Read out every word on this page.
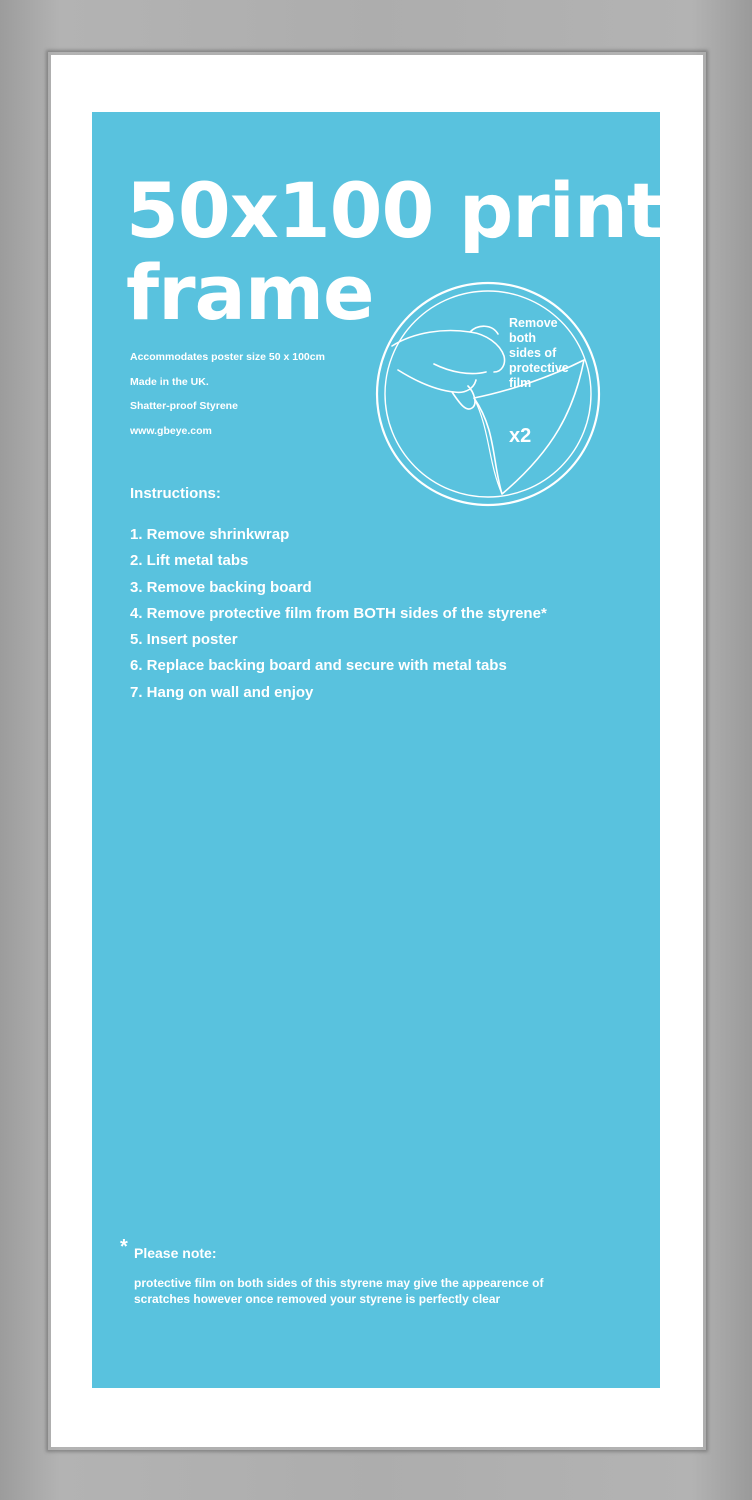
50x100 print
frame
Accommodates poster size 50 x 100cm
Made in the UK.
Shatter-proof Styrene
www.gbeye.com
Remove
both
sides of
protective
film
x2
Instructions:
1. Remove shrinkwrap
2. Lift metal tabs
3. Remove backing board
4. Remove protective film from BOTH sides of the styrene*
5. Insert poster
6. Replace backing board and secure with metal tabs
7. Hang on wall and enjoy
* Please note:
protective film on both sides of this styrene may give the appearence of
scratches however once removed your styrene is perfectly clear
